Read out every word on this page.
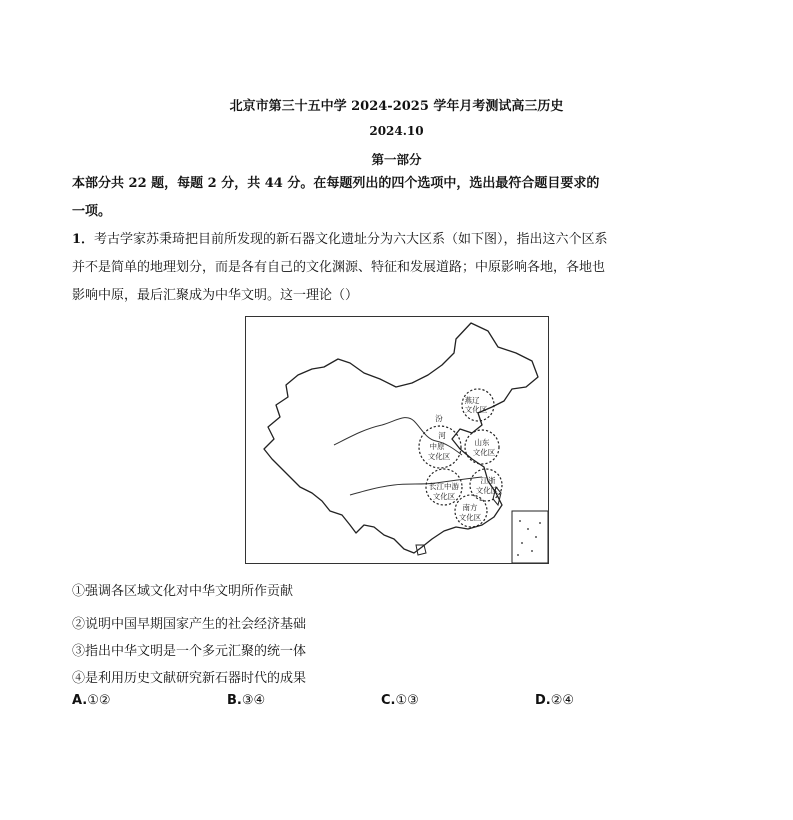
北京市第三十五中学 2024-2025 学年月考测试高三历史
2024.10
第一部分
本部分共 22 题，每题 2 分，共 44 分。在每题列出的四个选项中，选出最符合题目要求的
一项。
1．考古学家苏秉琦把目前所发现的新石器文化遗址分为六大区系（如下图），指出这六个区系
并不是简单的地理划分，而是各有自己的文化渊源、特征和发展道路；中原影响各地，各地也
影响中原，最后汇聚成为中华文明。这一理论（）
燕辽
文化区
汾
河
中原
文化区
山东
文化区
长江中游
文化区
江浙
文化区
南方
文化区
①强调各区域文化对中华文明所作贡献
②说明中国早期国家产生的社会经济基础
③指出中华文明是一个多元汇聚的统一体
④是利用历史文献研究新石器时代的成果
A.①②	B.③④	C.①③	D.②④
